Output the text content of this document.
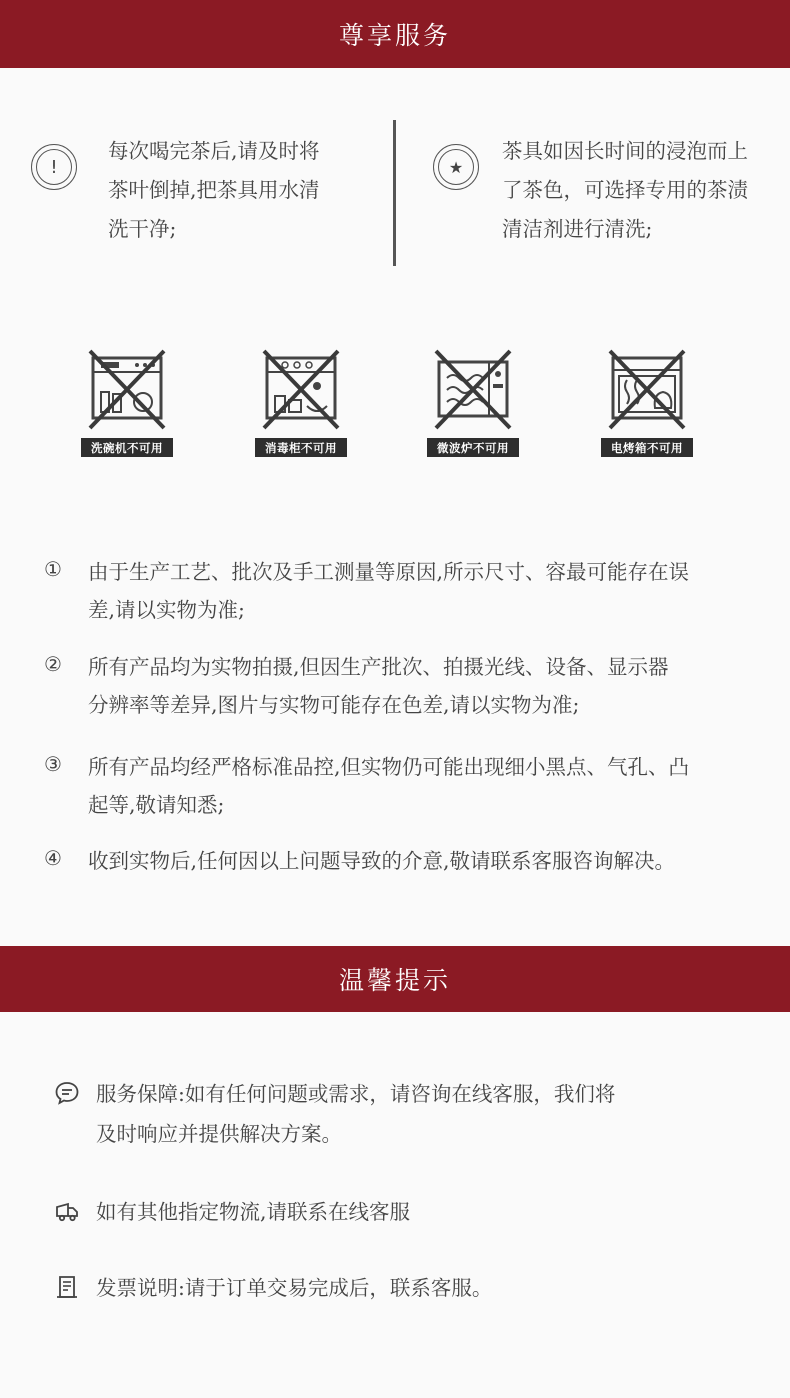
尊享服务
!
每次喝完茶后,请及时将
茶叶倒掉,把茶具用水清
洗干净;
★
茶具如因长时间的浸泡而上
了茶色，可选择专用的茶渍
清洁剂进行清洗;
洗碗机不可用	消毒柜不可用	微波炉不可用	电烤箱不可用
① 由于生产工艺、批次及手工测量等原因,所示尺寸、容最可能存在误
差,请以实物为准;
② 所有产品均为实物拍摄,但因生产批次、拍摄光线、设备、显示器
分辨率等差异,图片与实物可能存在色差,请以实物为准;
③ 所有产品均经严格标准品控,但实物仍可能出现细小黑点、气孔、凸
起等,敬请知悉;
④ 收到实物后,任何因以上问题导致的介意,敬请联系客服咨询解决。
温馨提示
服务保障:如有任何问题或需求，请咨询在线客服，我们将
及时响应并提供解决方案。
如有其他指定物流,请联系在线客服
发票说明:请于订单交易完成后，联系客服。
